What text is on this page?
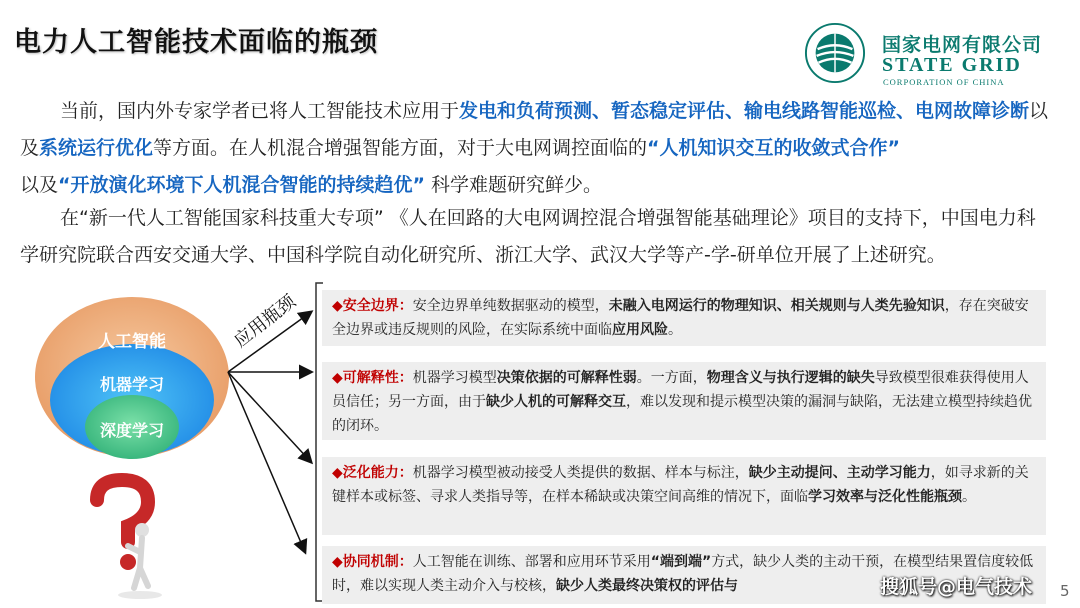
电力人工智能技术面临的瓶颈	国家电网有限公司
STATE GRID
CORPORATION OF CHINA

当前，国内外专家学者已将人工智能技术应用于发电和负荷预测、暂态稳定评估、输电线路智能巡检、电网故障诊断以及系统运行优化等方面。在人机混合增强智能方面，对于大电网调控面临的“人机知识交互的收敛式合作”
以及“开放演化环境下人机混合智能的持续趋优” 科学难题研究鲜少。

在“新一代人工智能国家科技重大专项” 《人在回路的大电网调控混合增强智能基础理论》项目的支持下，中国电力科学研究院联合西安交通大学、中国科学院自动化研究所、浙江大学、武汉大学等产-学-研单位开展了上述研究。

人工智能
机器学习
深度学习
应用瓶颈	◆安全边界：安全边界单纯数据驱动的模型，未融入电网运行的物理知识、相关规则与人类先验知识，存在突破安全边界或违反规则的风险，在实际系统中面临应用风险。
◆可解释性：机器学习模型决策依据的可解释性弱。一方面，物理含义与执行逻辑的缺失导致模型很难获得使用人员信任；另一方面，由于缺少人机的可解释交互，难以发现和提示模型决策的漏洞与缺陷，无法建立模型持续趋优的闭环。
◆泛化能力：机器学习模型被动接受人类提供的数据、样本与标注，缺少主动提问、主动学习能力，如寻求新的关键样本或标签、寻求人类指导等，在样本稀缺或决策空间高维的情况下，面临学习效率与泛化性能瓶颈。
◆协同机制：人工智能在训练、部署和应用环节采用“端到端”方式，缺少人类的主动干预，在模型结果置信度较低时，难以实现人类主动介入与校核，缺少人类最终决策权的评估与	搜狐号@电气技术 5
